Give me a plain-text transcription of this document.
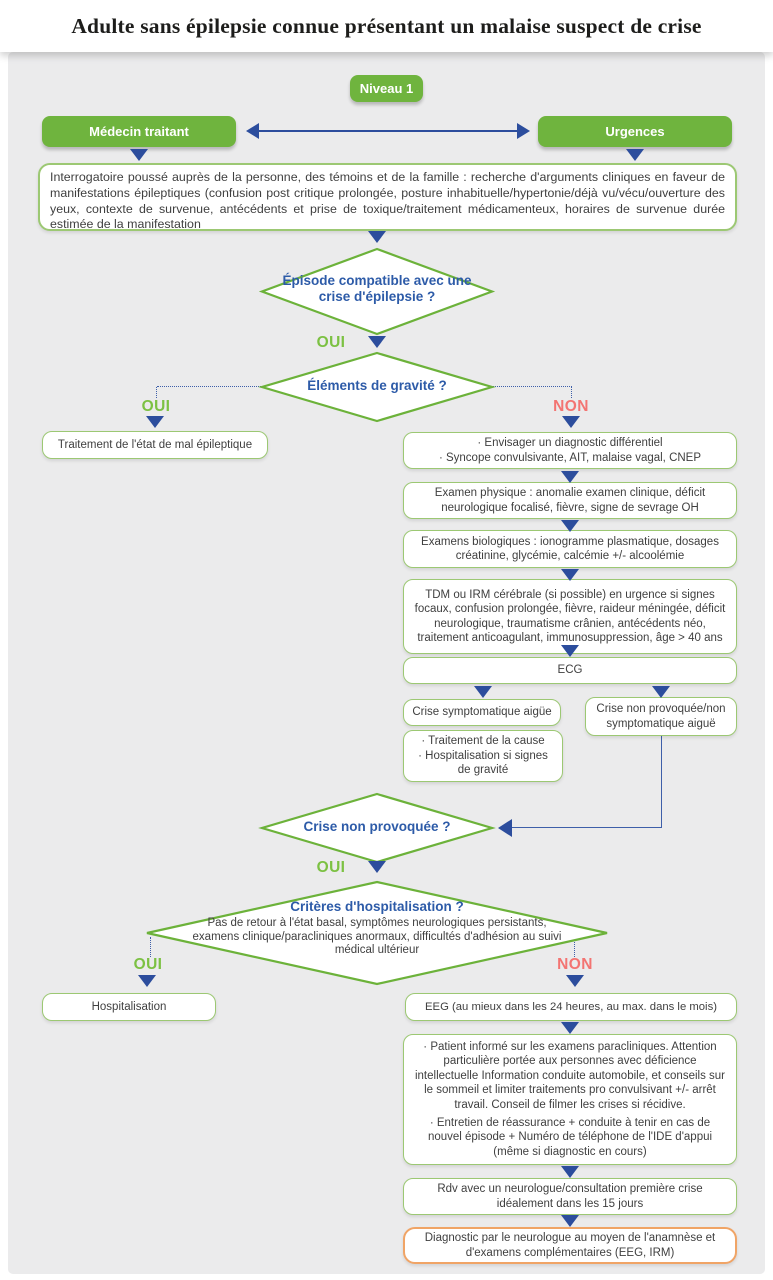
Adulte sans épilepsie connue présentant un malaise suspect de crise
Niveau 1
Médecin traitant	Urgences
Interrogatoire poussé auprès de la personne, des témoins et de la famille : recherche d'arguments cliniques en faveur de manifestations épileptiques (confusion post critique prolongée, posture inhabituelle/hypertonie/déjà vu/vécu/ouverture des yeux, contexte de survenue, antécédents et prise de toxique/traitement médicamenteux, horaires de survenue durée estimée de la manifestation
Épisode compatible avec une crise d'épilepsie ?
OUI
Éléments de gravité ?
OUI	NON
Traitement de l'état de mal épileptique	· Envisager un diagnostic différentiel
· Syncope convulsivante, AIT, malaise vagal, CNEP
Examen physique : anomalie examen clinique, déficit neurologique focalisé, fièvre, signe de sevrage OH
Examens biologiques : ionogramme plasmatique, dosages créatinine, glycémie, calcémie +/- alcoolémie
TDM ou IRM cérébrale (si possible) en urgence si signes focaux, confusion prolongée, fièvre, raideur méningée, déficit neurologique, traumatisme crânien, antécédents néo, traitement anticoagulant, immunosuppression, âge > 40 ans
ECG
Crise symptomatique aigüe	Crise non provoquée/non symptomatique aiguë
· Traitement de la cause
· Hospitalisation si signes de gravité
Crise non provoquée ?
OUI
Critères d'hospitalisation ?
Pas de retour à l'état basal, symptômes neurologiques persistants, examens clinique/paracliniques anormaux, difficultés d'adhésion au suivi médical ultérieur
OUI	NON
Hospitalisation	EEG (au mieux dans les 24 heures, au max. dans le mois)
· Patient informé sur les examens paracliniques. Attention particulière portée aux personnes avec déficience intellectuelle Information conduite automobile, et conseils sur le sommeil et limiter traitements pro convulsivant +/- arrêt travail. Conseil de filmer les crises si récidive.
· Entretien de réassurance + conduite à tenir en cas de nouvel épisode + Numéro de téléphone de l'IDE d'appui (même si diagnostic en cours)
Rdv avec un neurologue/consultation première crise idéalement dans les 15 jours
Diagnostic par le neurologue au moyen de l'anamnèse et d'examens complémentaires (EEG, IRM)
